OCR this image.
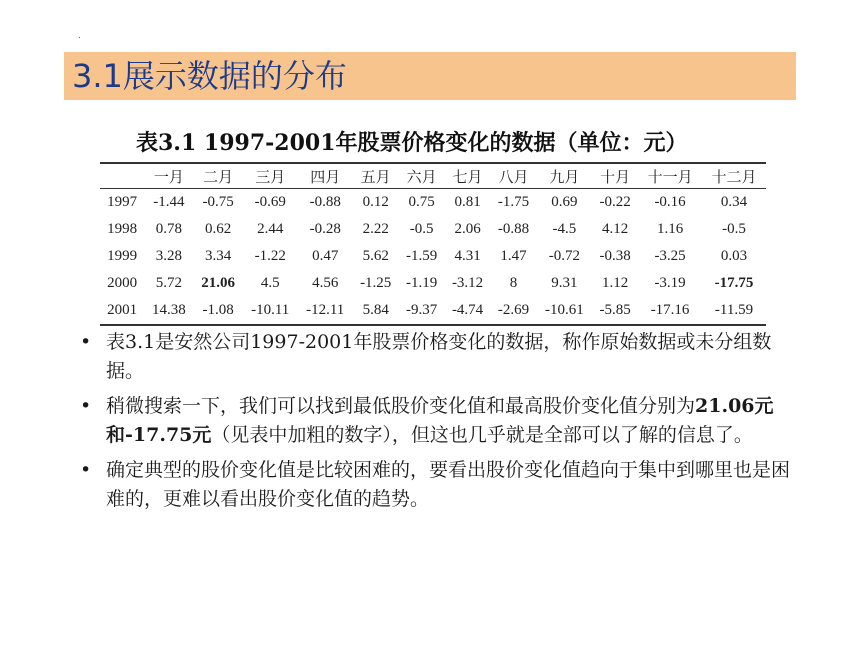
.
3.1展示数据的分布
表3.1 1997-2001年股票价格变化的数据（单位：元）
	一月	二月	三月	四月	五月	六月	七月	八月	九月	十月	十一月	十二月
1997	-1.44	-0.75	-0.69	-0.88	0.12	0.75	0.81	-1.75	0.69	-0.22	-0.16	0.34
1998	0.78	0.62	2.44	-0.28	2.22	-0.5	2.06	-0.88	-4.5	4.12	1.16	-0.5
1999	3.28	3.34	-1.22	0.47	5.62	-1.59	4.31	1.47	-0.72	-0.38	-3.25	0.03
2000	5.72	21.06	4.5	4.56	-1.25	-1.19	-3.12	8	9.31	1.12	-3.19	-17.75
2001	14.38	-1.08	-10.11	-12.11	5.84	-9.37	-4.74	-2.69	-10.61	-5.85	-17.16	-11.59
• 表3.1是安然公司1997-2001年股票价格变化的数据，称作原始数据或未分组数据。
• 稍微搜索一下，我们可以找到最低股价变化值和最高股价变化值分别为21.06元和-17.75元（见表中加粗的数字），但这也几乎就是全部可以了解的信息了。
• 确定典型的股价变化值是比较困难的，要看出股价变化值趋向于集中到哪里也是困难的，更难以看出股价变化值的趋势。
